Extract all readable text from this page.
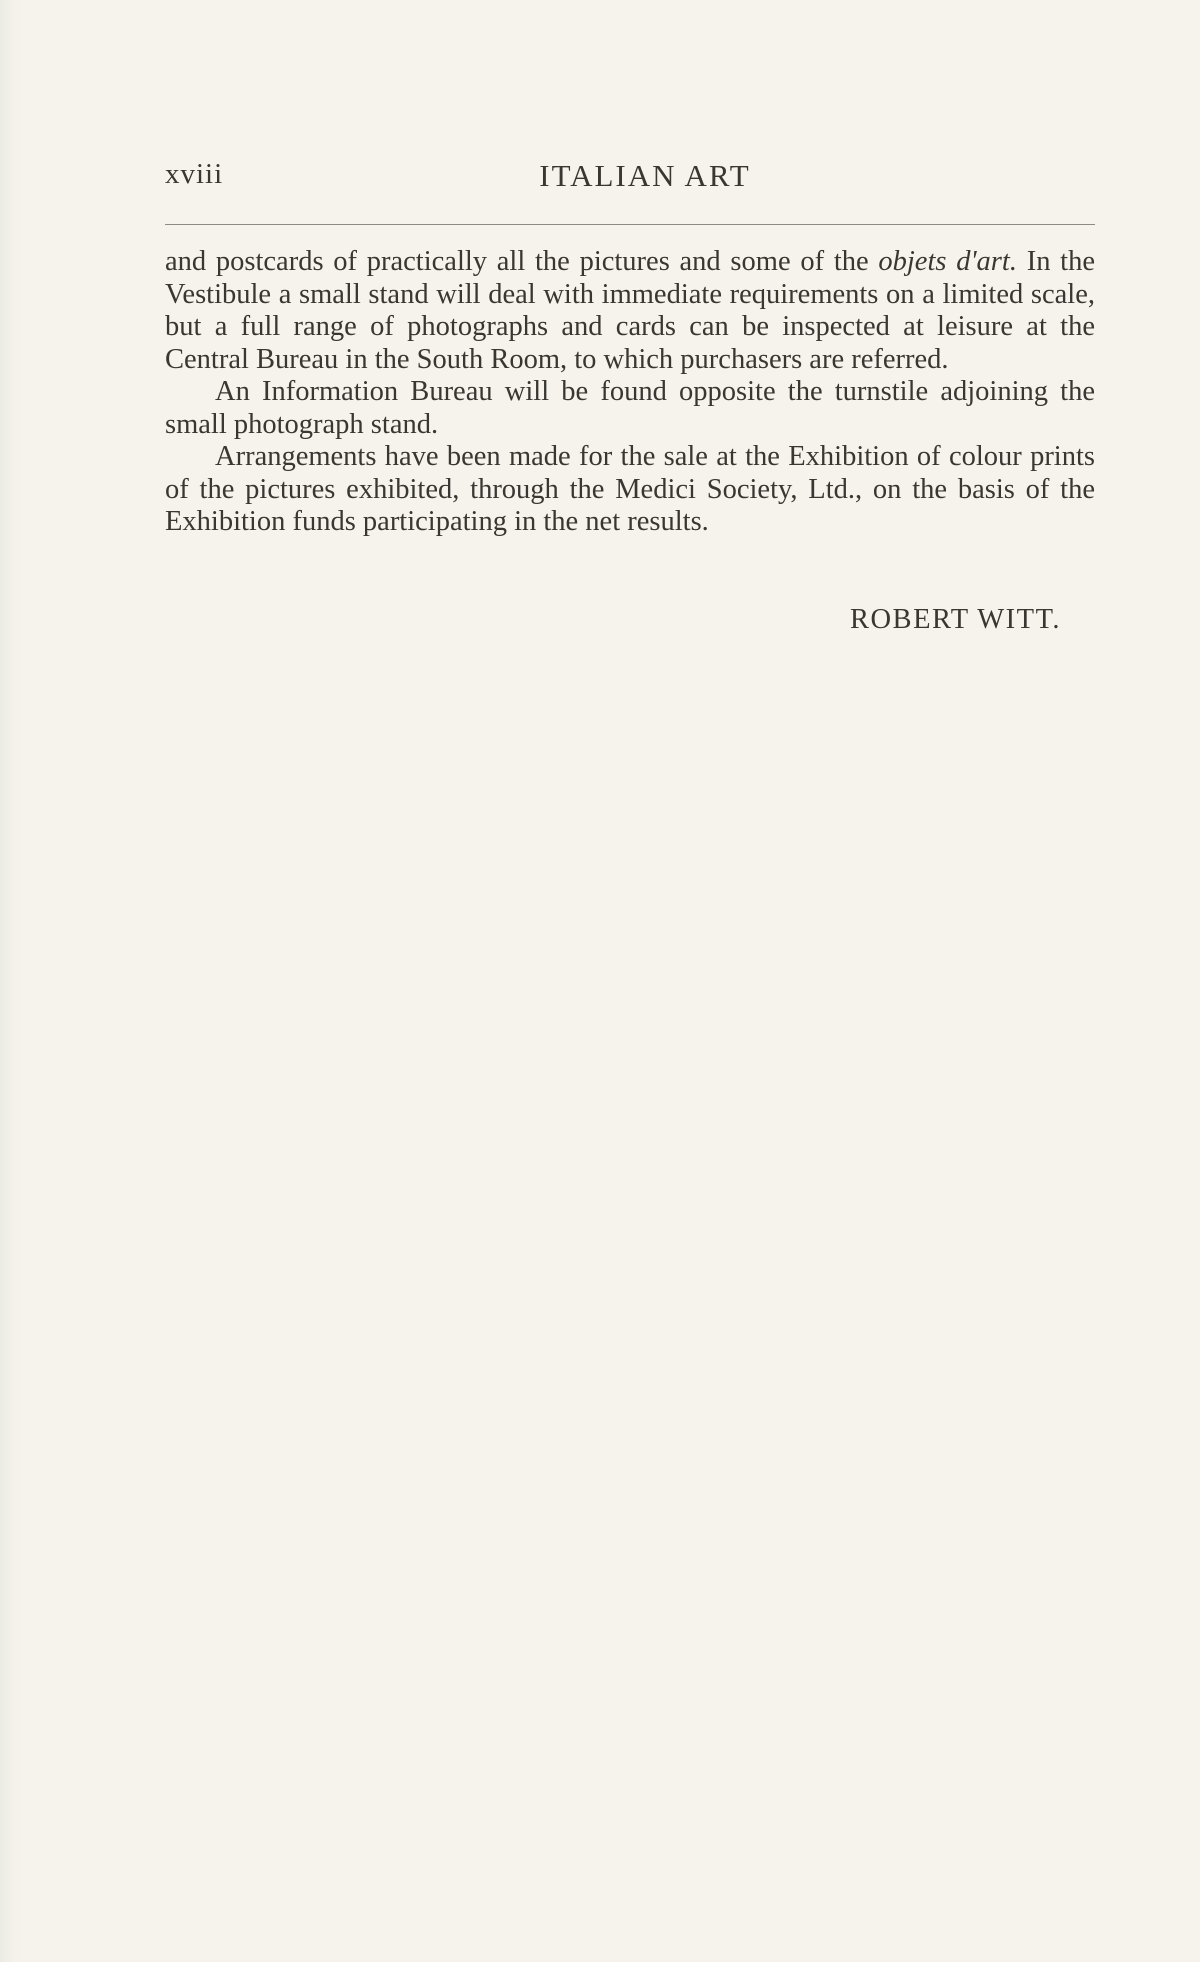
xviii	ITALIAN ART

and postcards of practically all the pictures and some of the objets d'art. In the Vestibule a small stand will deal with immediate requirements on a limited scale, but a full range of photographs and cards can be inspected at leisure at the Central Bureau in the South Room, to which purchasers are referred.

An Information Bureau will be found opposite the turnstile adjoining the small photograph stand.

Arrangements have been made for the sale at the Exhibition of colour prints of the pictures exhibited, through the Medici Society, Ltd., on the basis of the Exhibition funds participating in the net results.

ROBERT WITT.
